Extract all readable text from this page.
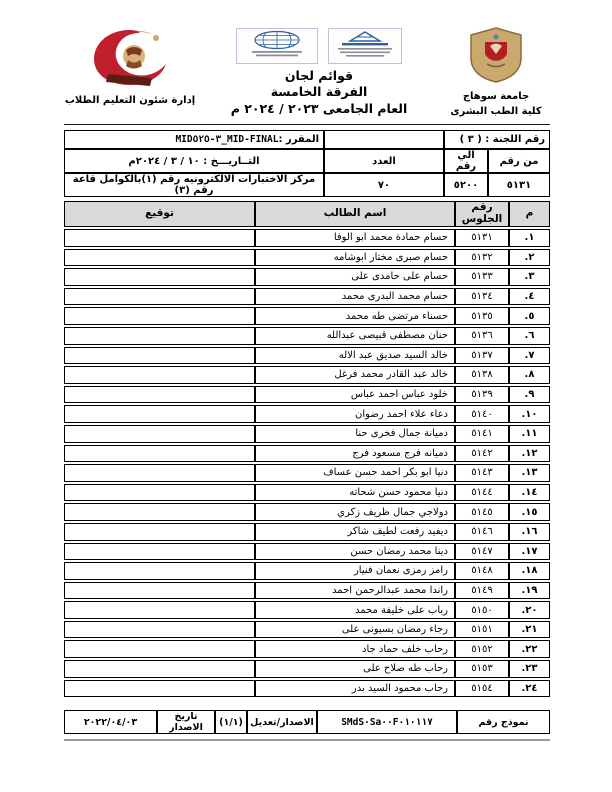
جامعة سوهاج
كلية الطب البشرى
قوائم لجان
الفرقة الخامسة
العام الجامعى ٢٠٢٣ / ٢٠٢٤ م
إدارة شئون التعليم الطلاب
رقم اللجنة : ( ٣ )			المقرر :MID٣-٥٢٥_MID-FINAL
من رقم	الي رقم	العدد	التــاريـــخ : ١٠ / ٣ / ٢٠٢٤م
٥١٣١	٥٢٠٠	٧٠	مركز الاختبارات الالكترونيه رقم (١)بالكوامل قاعة رقم (٣)
م	رقم الجلوس	اسم الطالب	توقيع
١.	٥١٣١	حسام حمادة محمد ابو الوفا	
٢.	٥١٣٢	حسام صبرى مختار ابوشامه	
٣.	٥١٣٣	حسام على حامدى على	
٤.	٥١٣٤	حسام محمد البدرى محمد	
٥.	٥١٣٥	حسناء مرتضى طه محمد	
٦.	٥١٣٦	حنان مصطفى قبيصى عبدالله	
٧.	٥١٣٧	خالد السيد صديق عبد الاله	
٨.	٥١٣٨	خالد عبد القادر محمد فرغل	
٩.	٥١٣٩	خلود عباس احمد عباس	
١٠.	٥١٤٠	دعاء علاء احمد رضوان	
١١.	٥١٤١	دميانة جمال فخرى حنا	
١٢.	٥١٤٢	دميانه فرج مسعود فرج	
١٣.	٥١٤٣	دنيا ابو بكر احمد حسن عساف	
١٤.	٥١٤٤	دنيا محمود حسن شحاته	
١٥.	٥١٤٥	دولاجي جمال ظريف زكري	
١٦.	٥١٤٦	ديفيد رفعت لطيف شاكر	
١٧.	٥١٤٧	دينا محمد رمضان حسن	
١٨.	٥١٤٨	رامز رمزى نعمان فنيار	
١٩.	٥١٤٩	راندا محمد عبدالرحمن احمد	
٢٠.	٥١٥٠	رباب على خليفة محمد	
٢١.	٥١٥١	رجاء رمضان بسيونى على	
٢٢.	٥١٥٢	رحاب خلف حماد جاد	
٢٣.	٥١٥٣	رحاب طه صلاح على	
٢٤.	٥١٥٤	رحاب محمود السيد بدر	
نموذج رقم	SMdS٠Sa٠٠F٠١٠١١٧	الاصدار/تعديل	(١/١)	تاريخ الاصدار	٢٠٢٢/٠٤/٠٣
